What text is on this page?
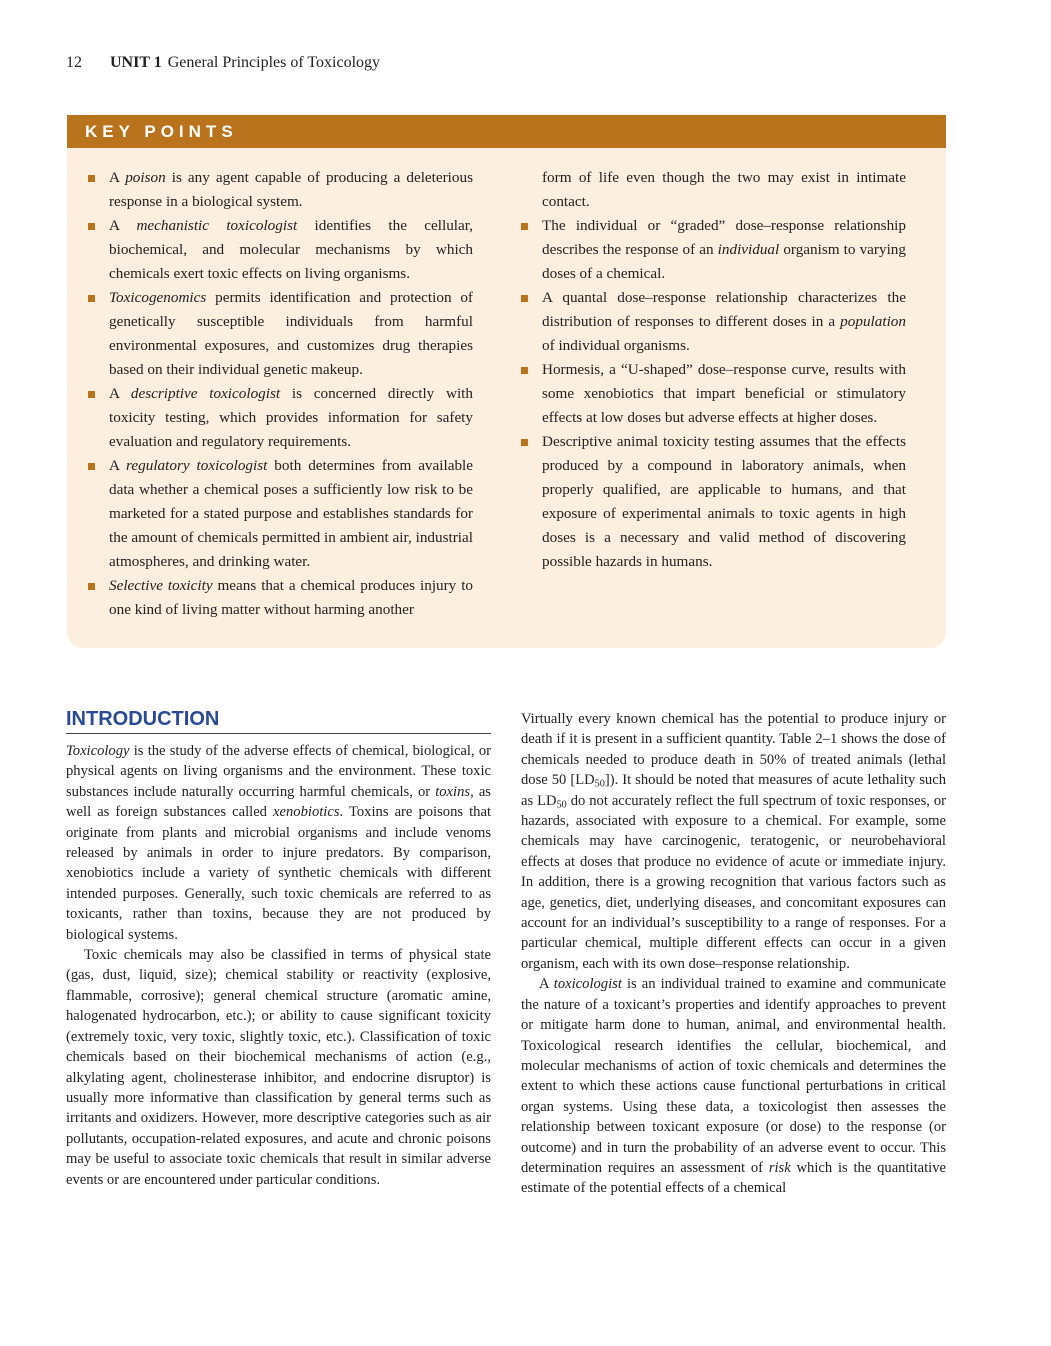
12 UNIT 1 General Principles of Toxicology
KEY POINTS
A poison is any agent capable of producing a deleterious response in a biological system.
A mechanistic toxicologist identifies the cellular, biochemical, and molecular mechanisms by which chemicals exert toxic effects on living organisms.
Toxicogenomics permits identification and protection of genetically susceptible individuals from harmful environmental exposures, and customizes drug therapies based on their individual genetic makeup.
A descriptive toxicologist is concerned directly with toxicity testing, which provides information for safety evaluation and regulatory requirements.
A regulatory toxicologist both determines from available data whether a chemical poses a sufficiently low risk to be marketed for a stated purpose and establishes standards for the amount of chemicals permitted in ambient air, industrial atmospheres, and drinking water.
Selective toxicity means that a chemical produces injury to one kind of living matter without harming another
form of life even though the two may exist in intimate contact.
The individual or “graded” dose–response relationship describes the response of an individual organism to varying doses of a chemical.
A quantal dose–response relationship characterizes the distribution of responses to different doses in a population of individual organisms.
Hormesis, a “U-shaped” dose–response curve, results with some xenobiotics that impart beneficial or stimulatory effects at low doses but adverse effects at higher doses.
Descriptive animal toxicity testing assumes that the effects produced by a compound in laboratory animals, when properly qualified, are applicable to humans, and that exposure of experimental animals to toxic agents in high doses is a necessary and valid method of discovering possible hazards in humans.
INTRODUCTION

Toxicology is the study of the adverse effects of chemical, biological, or physical agents on living organisms and the environment. These toxic substances include naturally occurring harmful chemicals, or toxins, as well as foreign substances called xenobiotics. Toxins are poisons that originate from plants and microbial organisms and include venoms released by animals in order to injure predators. By comparison, xenobiotics include a variety of synthetic chemicals with different intended purposes. Generally, such toxic chemicals are referred to as toxicants, rather than toxins, because they are not produced by biological systems.

Toxic chemicals may also be classified in terms of physical state (gas, dust, liquid, size); chemical stability or reactivity (explosive, flammable, corrosive); general chemical structure (aromatic amine, halogenated hydrocarbon, etc.); or ability to cause significant toxicity (extremely toxic, very toxic, slightly toxic, etc.). Classification of toxic chemicals based on their biochemical mechanisms of action (e.g., alkylating agent, cholinesterase inhibitor, and endocrine disruptor) is usually more informative than classification by general terms such as irritants and oxidizers. However, more descriptive categories such as air pollutants, occupation-related exposures, and acute and chronic poisons may be useful to associate toxic chemicals that result in similar adverse events or are encountered under particular conditions.

Virtually every known chemical has the potential to produce injury or death if it is present in a sufficient quantity. Table 2–1 shows the dose of chemicals needed to produce death in 50% of treated animals (lethal dose 50 $[LD_{50}]$). It should be noted that measures of acute lethality such as $LD_{50}$ do not accurately reflect the full spectrum of toxic responses, or hazards, associated with exposure to a chemical. For example, some chemicals may have carcinogenic, teratogenic, or neurobehavioral effects at doses that produce no evidence of acute or immediate injury. In addition, there is a growing recognition that various factors such as age, genetics, diet, underlying diseases, and concomitant exposures can account for an individual’s susceptibility to a range of responses. For a particular chemical, multiple different effects can occur in a given organism, each with its own dose–response relationship.

A toxicologist is an individual trained to examine and communicate the nature of a toxicant’s properties and identify approaches to prevent or mitigate harm done to human, animal, and environmental health. Toxicological research identifies the cellular, biochemical, and molecular mechanisms of action of toxic chemicals and determines the extent to which these actions cause functional perturbations in critical organ systems. Using these data, a toxicologist then assesses the relationship between toxicant exposure (or dose) to the response (or outcome) and in turn the probability of an adverse event to occur. This determination requires an assessment of risk which is the quantitative estimate of the potential effects of a chemical
